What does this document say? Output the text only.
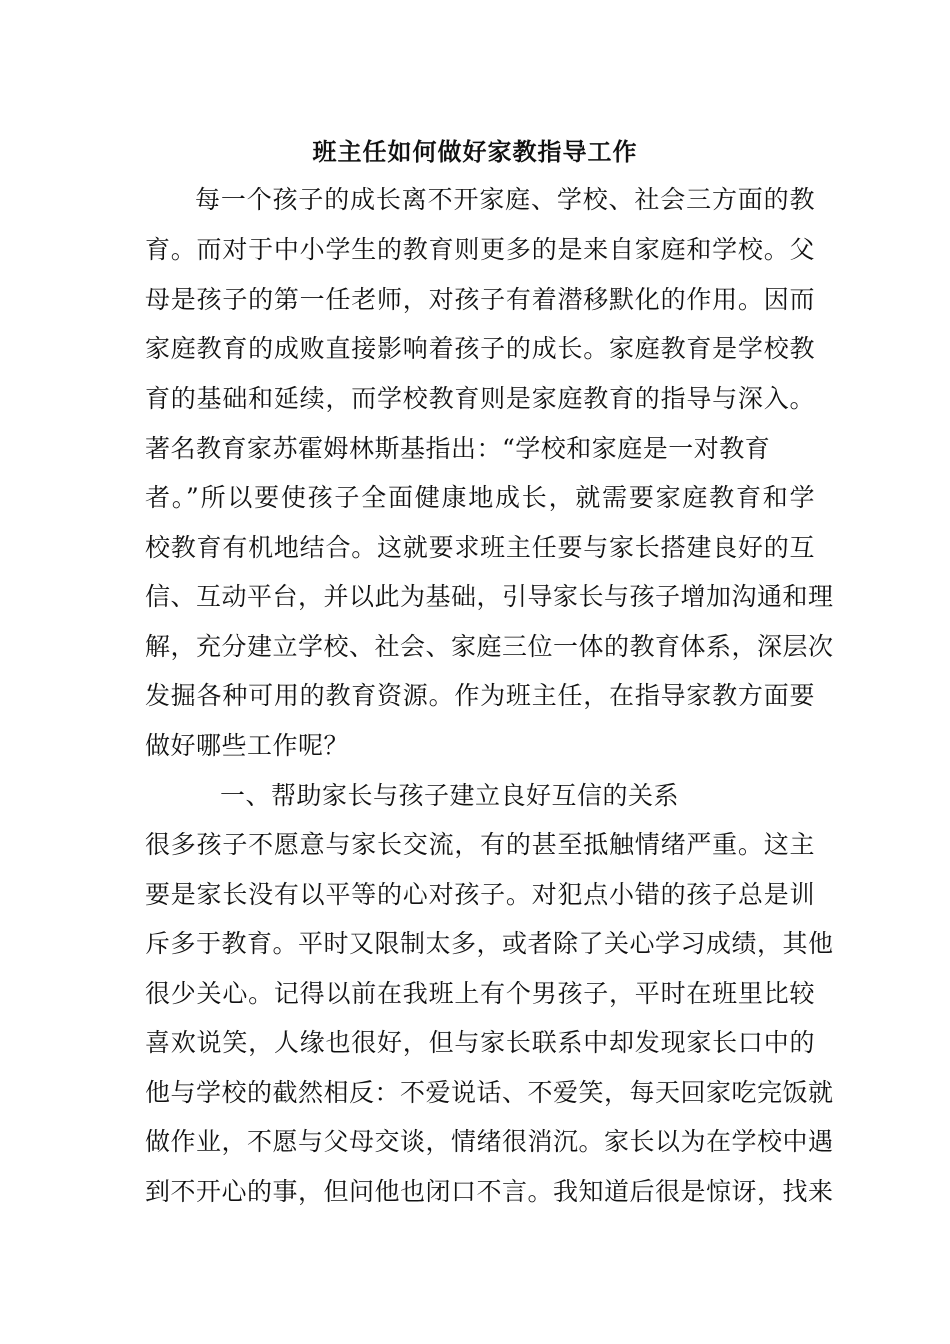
班主任如何做好家教指导工作
每一个孩子的成长离不开家庭、学校、社会三方面的教
育。而对于中小学生的教育则更多的是来自家庭和学校。父
母是孩子的第一任老师，对孩子有着潜移默化的作用。因而
家庭教育的成败直接影响着孩子的成长。家庭教育是学校教
育的基础和延续，而学校教育则是家庭教育的指导与深入。
著名教育家苏霍姆林斯基指出：“学校和家庭是一对教育
者。”所以要使孩子全面健康地成长，就需要家庭教育和学
校教育有机地结合。这就要求班主任要与家长搭建良好的互
信、互动平台，并以此为基础，引导家长与孩子增加沟通和理
解，充分建立学校、社会、家庭三位一体的教育体系，深层次
发掘各种可用的教育资源。作为班主任，在指导家教方面要
做好哪些工作呢？
一、帮助家长与孩子建立良好互信的关系
很多孩子不愿意与家长交流，有的甚至抵触情绪严重。这主
要是家长没有以平等的心对孩子。对犯点小错的孩子总是训
斥多于教育。平时又限制太多，或者除了关心学习成绩，其他
很少关心。记得以前在我班上有个男孩子，平时在班里比较
喜欢说笑，人缘也很好，但与家长联系中却发现家长口中的
他与学校的截然相反：不爱说话、不爱笑，每天回家吃完饭就
做作业，不愿与父母交谈，情绪很消沉。家长以为在学校中遇
到不开心的事，但问他也闭口不言。我知道后很是惊讶，找来
